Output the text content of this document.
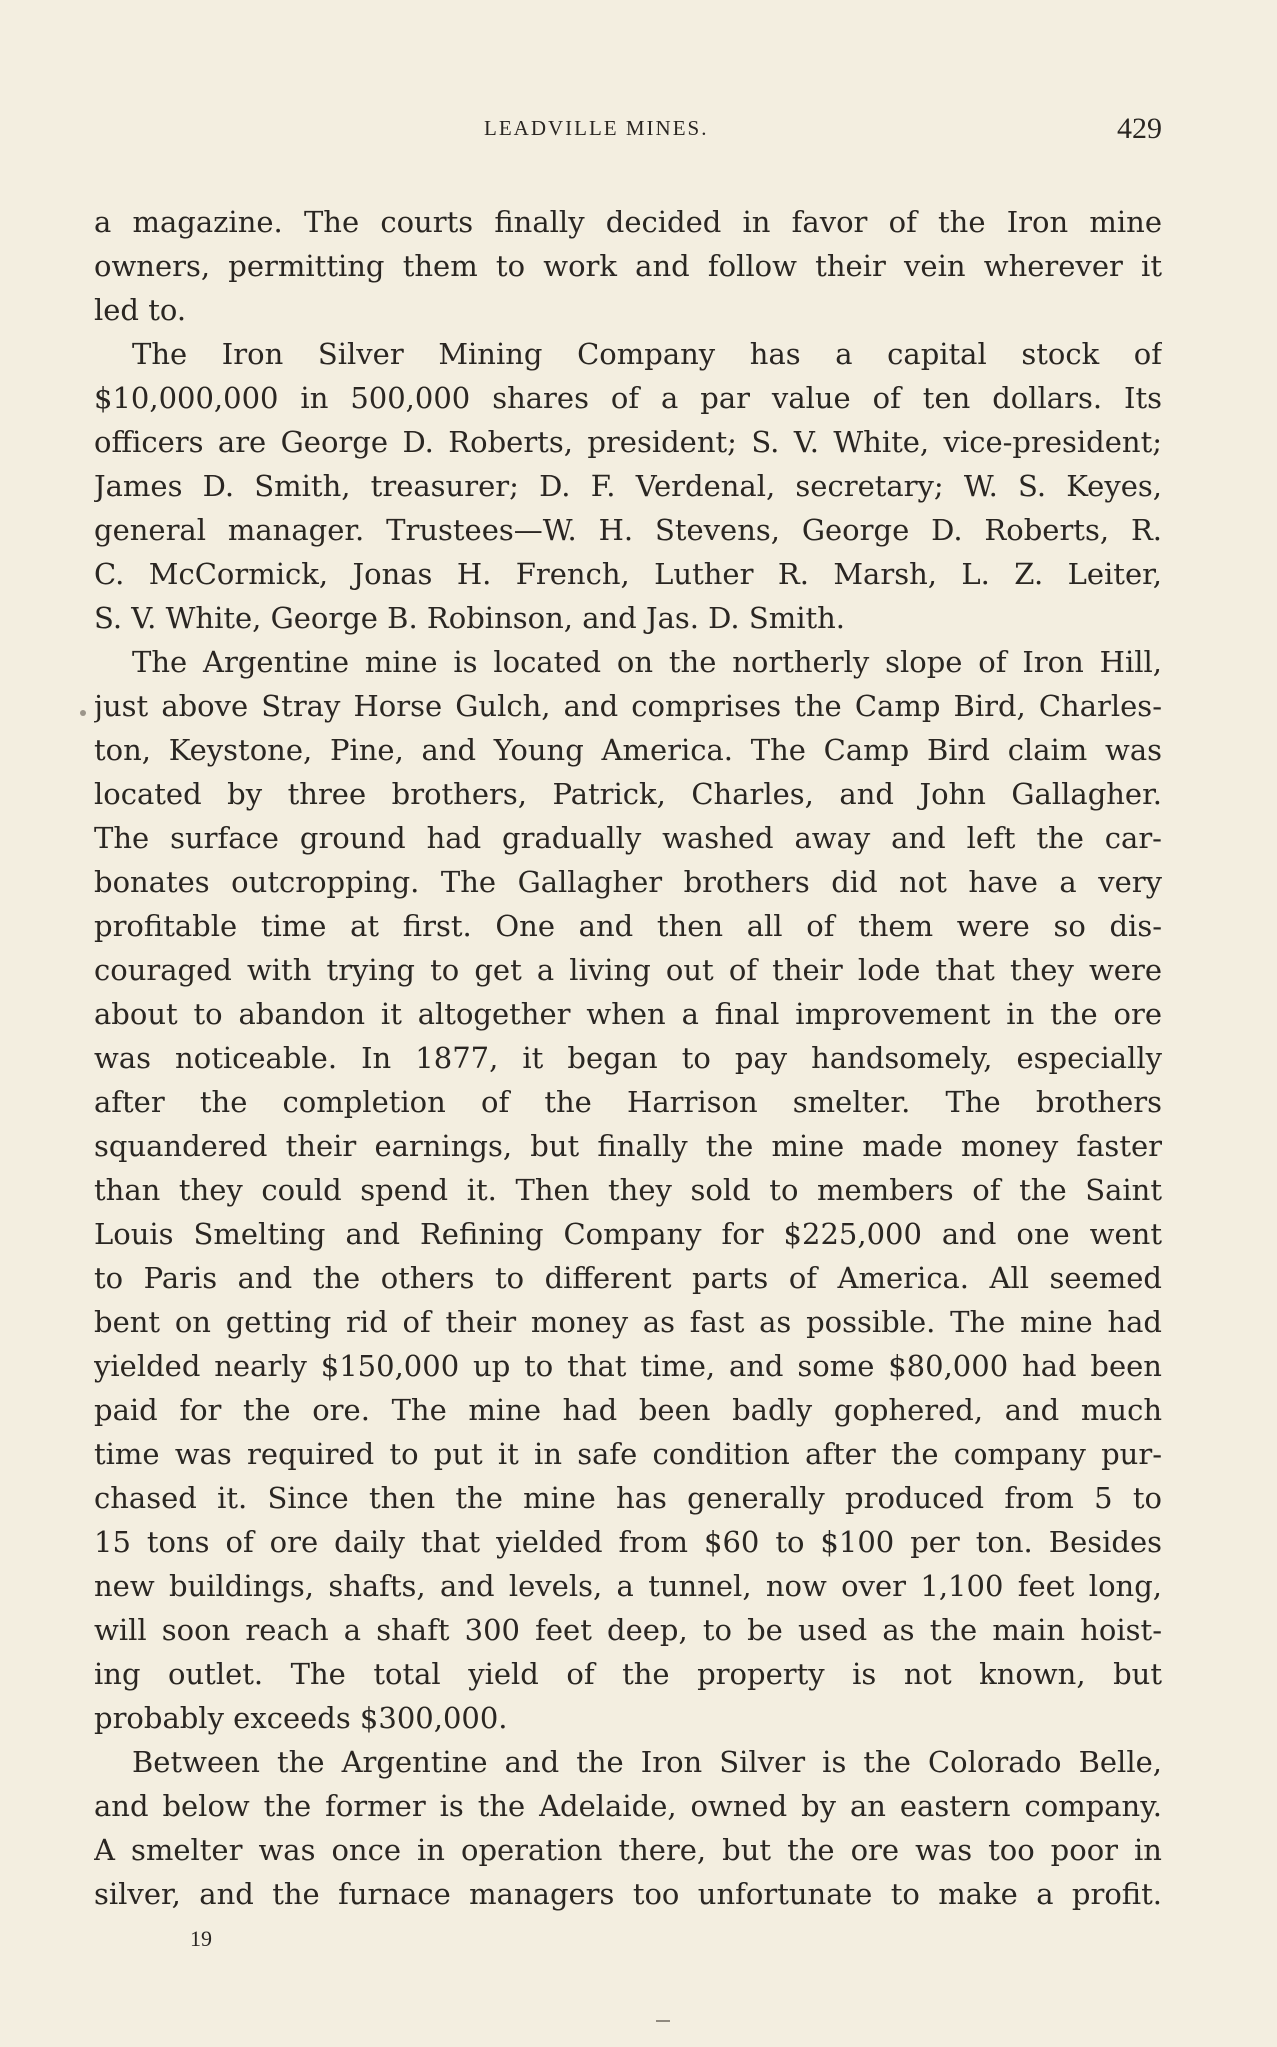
LEADVILLE MINES.	429
a magazine. The courts finally decided in favor of the Iron mine
owners, permitting them to work and follow their vein wherever it
led to.
The Iron Silver Mining Company has a capital stock of
$10,000,000 in 500,000 shares of a par value of ten dollars. Its
officers are George D. Roberts, president; S. V. White, vice-president;
James D. Smith, treasurer; D. F. Verdenal, secretary; W. S. Keyes,
general manager. Trustees—W. H. Stevens, George D. Roberts, R.
C. McCormick, Jonas H. French, Luther R. Marsh, L. Z. Leiter,
S. V. White, George B. Robinson, and Jas. D. Smith.
The Argentine mine is located on the northerly slope of Iron Hill,
just above Stray Horse Gulch, and comprises the Camp Bird, Charles-
ton, Keystone, Pine, and Young America. The Camp Bird claim was
located by three brothers, Patrick, Charles, and John Gallagher.
The surface ground had gradually washed away and left the car-
bonates outcropping. The Gallagher brothers did not have a very
profitable time at first. One and then all of them were so dis-
couraged with trying to get a living out of their lode that they were
about to abandon it altogether when a final improvement in the ore
was noticeable. In 1877, it began to pay handsomely, especially
after the completion of the Harrison smelter. The brothers
squandered their earnings, but finally the mine made money faster
than they could spend it. Then they sold to members of the Saint
Louis Smelting and Refining Company for $225,000 and one went
to Paris and the others to different parts of America. All seemed
bent on getting rid of their money as fast as possible. The mine had
yielded nearly $150,000 up to that time, and some $80,000 had been
paid for the ore. The mine had been badly gophered, and much
time was required to put it in safe condition after the company pur-
chased it. Since then the mine has generally produced from 5 to
15 tons of ore daily that yielded from $60 to $100 per ton. Besides
new buildings, shafts, and levels, a tunnel, now over 1,100 feet long,
will soon reach a shaft 300 feet deep, to be used as the main hoist-
ing outlet. The total yield of the property is not known, but
probably exceeds $300,000.
Between the Argentine and the Iron Silver is the Colorado Belle,
and below the former is the Adelaide, owned by an eastern company.
A smelter was once in operation there, but the ore was too poor in
silver, and the furnace managers too unfortunate to make a profit.
19
